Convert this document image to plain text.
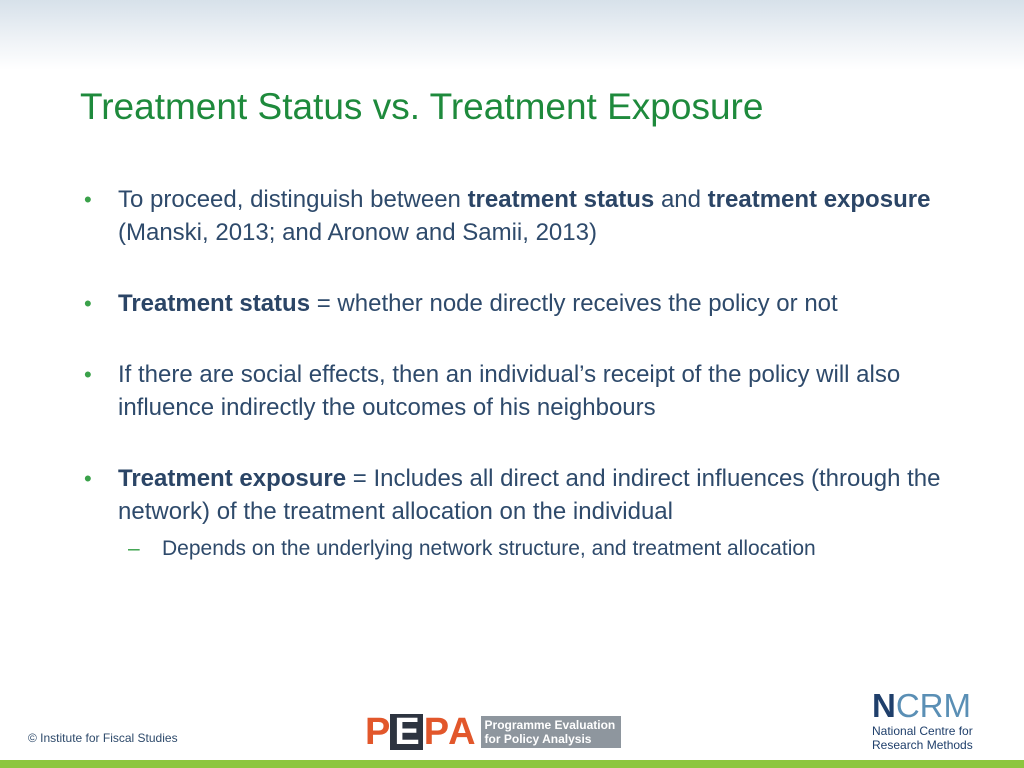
Treatment Status vs. Treatment Exposure
• To proceed, distinguish between treatment status and treatment exposure (Manski, 2013; and Aronow and Samii, 2013)
• Treatment status = whether node directly receives the policy or not
• If there are social effects, then an individual’s receipt of the policy will also influence indirectly the outcomes of his neighbours
• Treatment exposure = Includes all direct and indirect influences (through the network) of the treatment allocation on the individual
– Depends on the underlying network structure, and treatment allocation
© Institute for Fiscal Studies	P E P A Programme Evaluation
for Policy Analysis
NCRM
National Centre for
Research Methods
